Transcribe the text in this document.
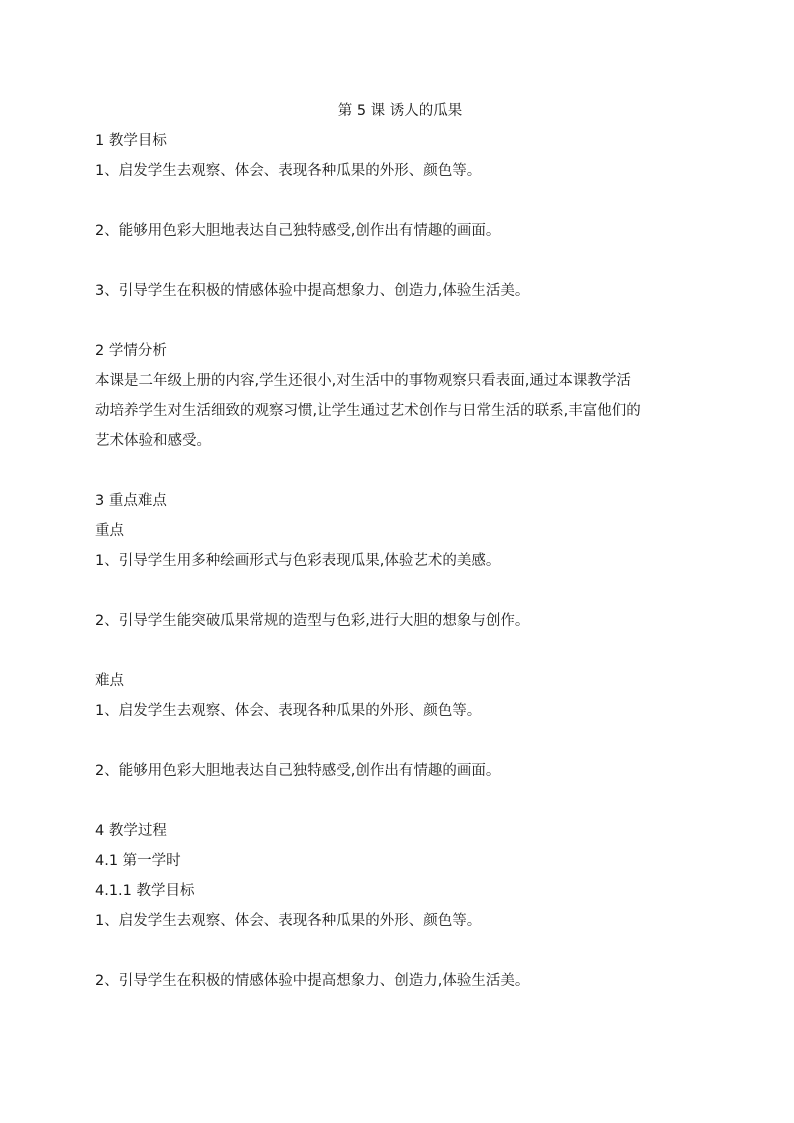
第 5 课 诱人的瓜果
1 教学目标
1、启发学生去观察、体会、表现各种瓜果的外形、颜色等。
2、能够用色彩大胆地表达自己独特感受,创作出有情趣的画面。
3、引导学生在积极的情感体验中提高想象力、创造力,体验生活美。
2 学情分析
本课是二年级上册的内容,学生还很小,对生活中的事物观察只看表面,通过本课教学活
动培养学生对生活细致的观察习惯,让学生通过艺术创作与日常生活的联系,丰富他们的
艺术体验和感受。
3 重点难点
重点
1、引导学生用多种绘画形式与色彩表现瓜果,体验艺术的美感。
2、引导学生能突破瓜果常规的造型与色彩,进行大胆的想象与创作。
难点
1、启发学生去观察、体会、表现各种瓜果的外形、颜色等。
2、能够用色彩大胆地表达自己独特感受,创作出有情趣的画面。
4 教学过程
4.1 第一学时
4.1.1 教学目标
1、启发学生去观察、体会、表现各种瓜果的外形、颜色等。
2、引导学生在积极的情感体验中提高想象力、创造力,体验生活美。
